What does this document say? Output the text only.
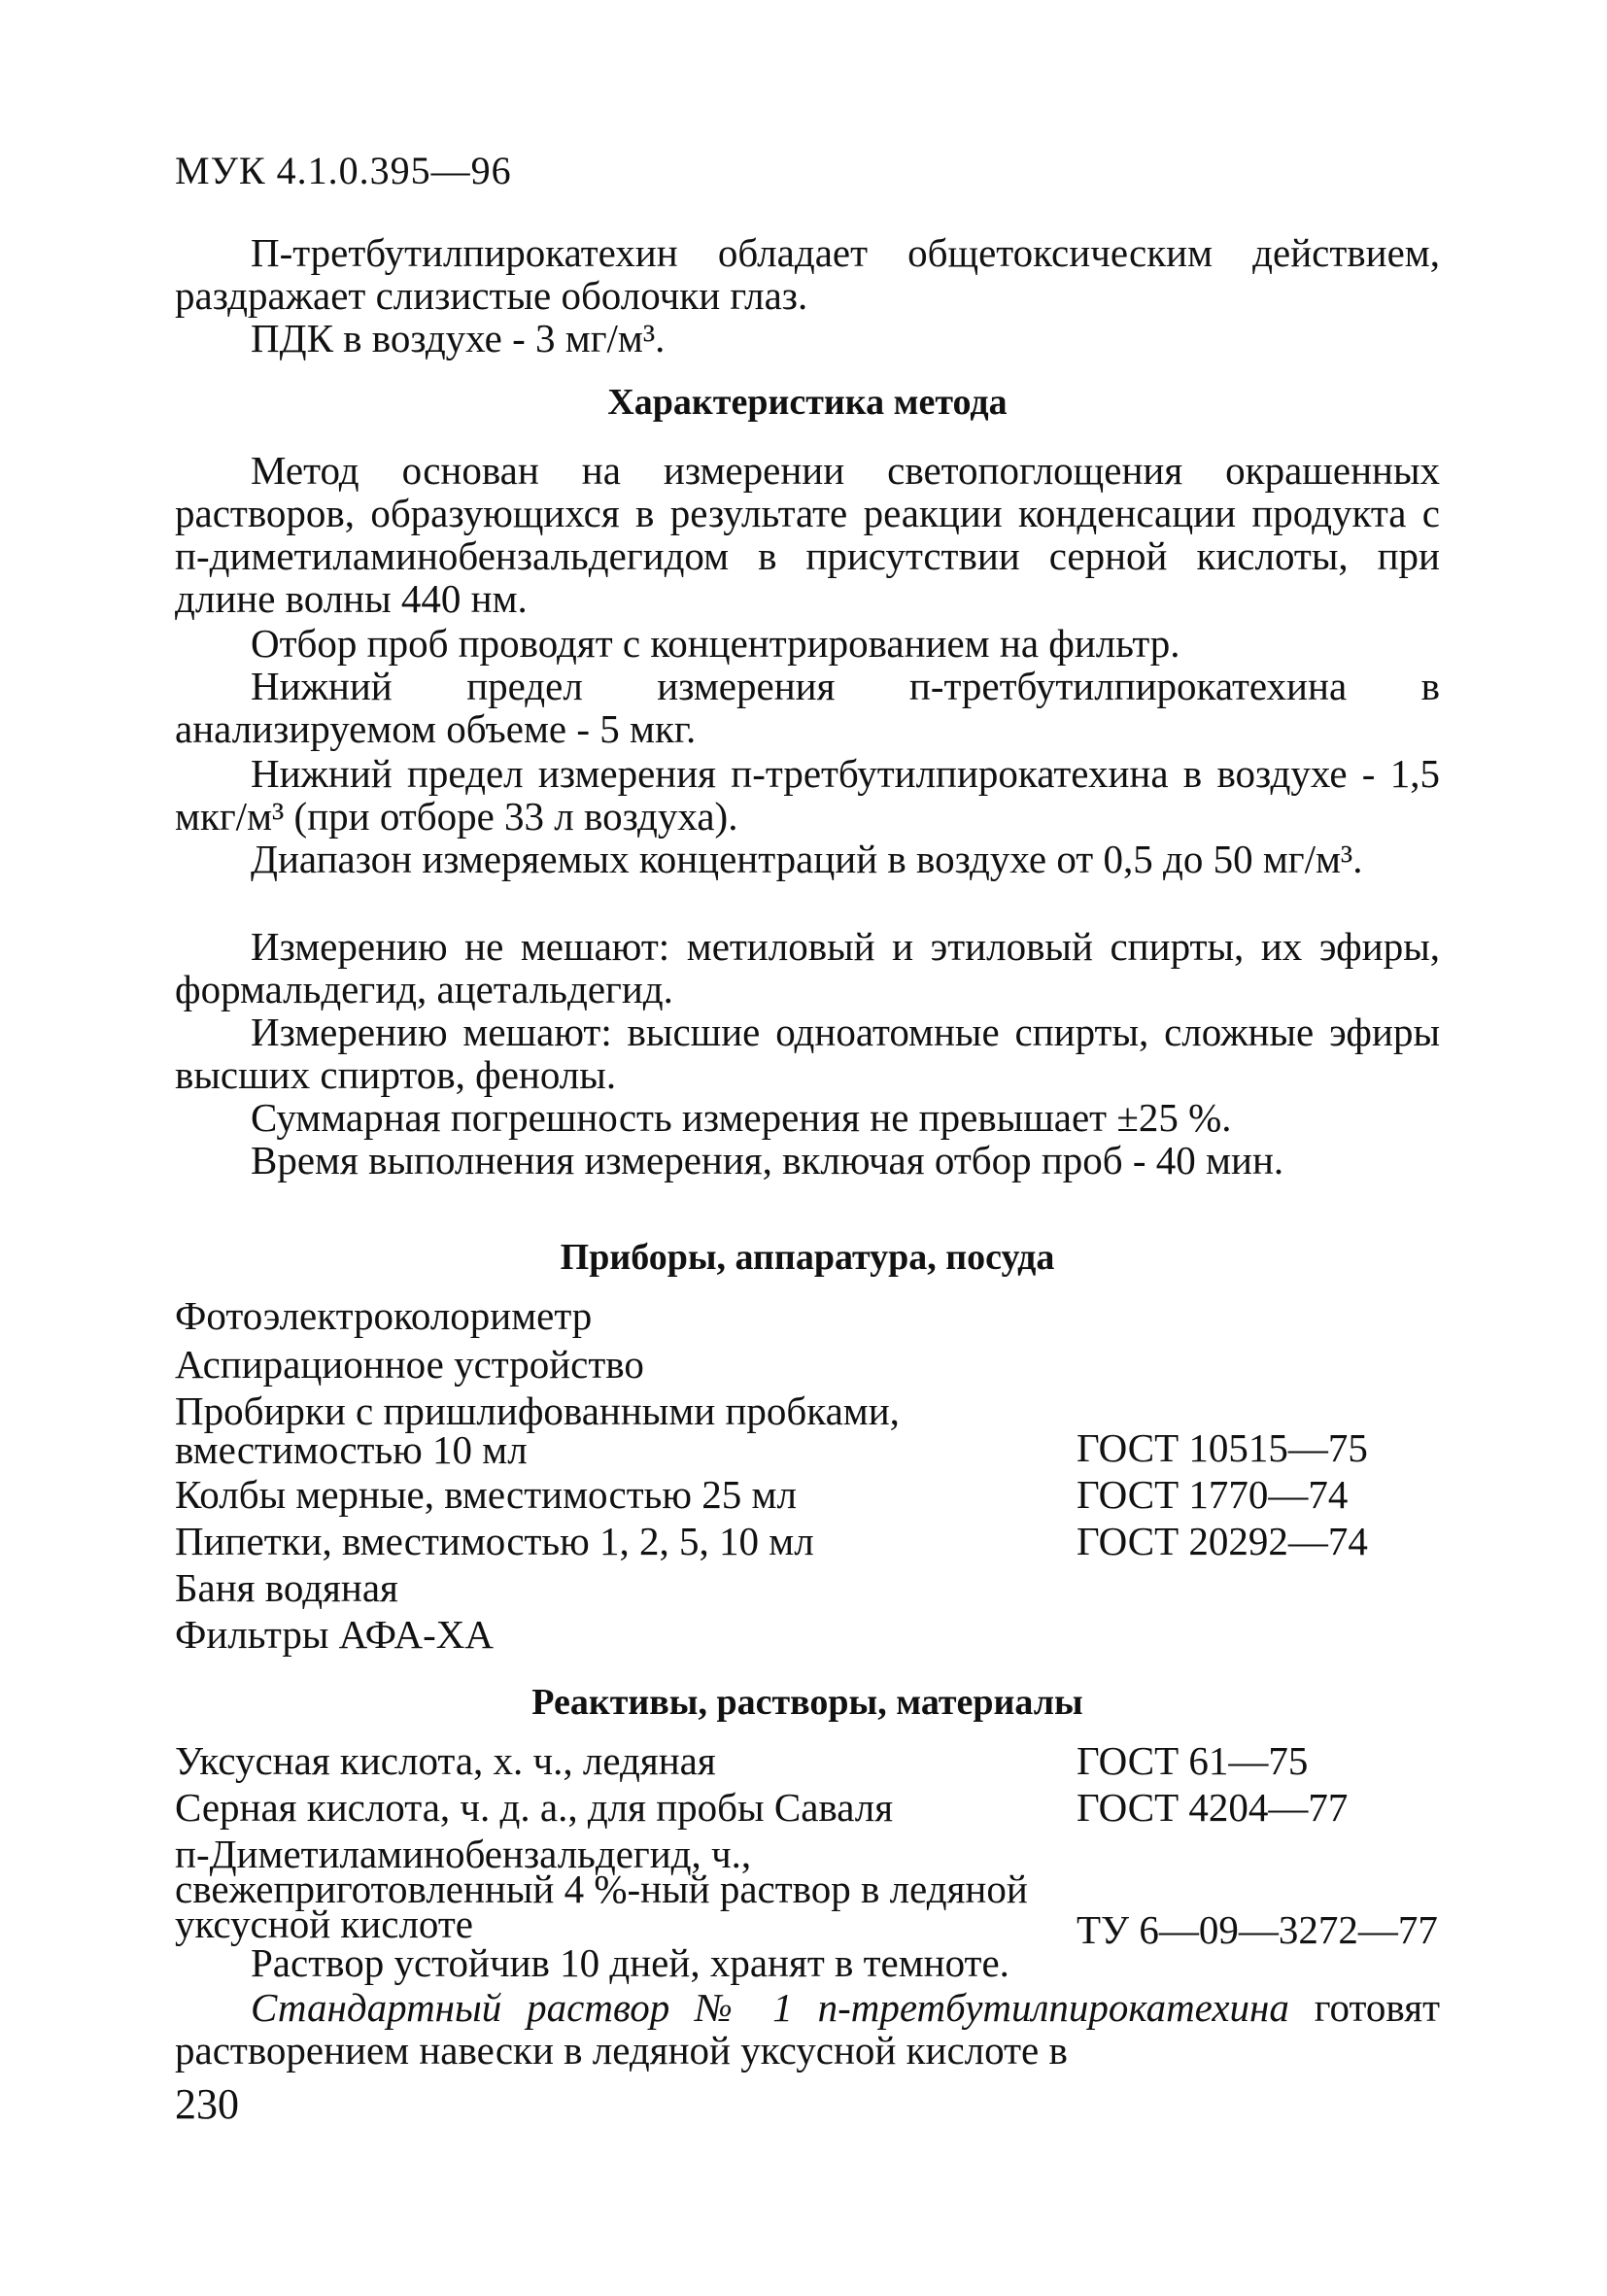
МУК 4.1.0.395—96
П-третбутилпирокатехин обладает общетоксическим действием, раздражает слизистые оболочки глаз.
ПДК в воздухе - 3 мг/м³.
Характеристика метода
Метод основан на измерении светопоглощения окрашенных растворов, образующихся в результате реакции конденсации продукта с п-диметиламинобензальдегидом в присутствии серной кислоты, при длине волны 440 нм.
Отбор проб проводят с концентрированием на фильтр.
Нижний предел измерения п-третбутилпирокатехина в анализируемом объеме - 5 мкг.
Нижний предел измерения п-третбутилпирокатехина в воздухе - 1,5 мкг/м³ (при отборе 33 л воздуха).
Диапазон измеряемых концентраций в воздухе от 0,5 до 50 мг/м³.
Измерению не мешают: метиловый и этиловый спирты, их эфиры, формальдегид, ацетальдегид.
Измерению мешают: высшие одноатомные спирты, сложные эфиры высших спиртов, фенолы.
Суммарная погрешность измерения не превышает ±25 %.
Время выполнения измерения, включая отбор проб - 40 мин.
Приборы, аппаратура, посуда
Фотоэлектроколориметр
Аспирационное устройство
Пробирки с пришлифованными пробками, вместимостью 10 мл	ГОСТ 10515—75
Колбы мерные, вместимостью 25 мл	ГОСТ 1770—74
Пипетки, вместимостью 1, 2, 5, 10 мл	ГОСТ 20292—74
Баня водяная
Фильтры АФА-ХА
Реактивы, растворы, материалы
Уксусная кислота, х. ч., ледяная	ГОСТ 61—75
Серная кислота, ч. д. а., для пробы Саваля	ГОСТ 4204—77
п-Диметиламинобензальдегид, ч., свежеприготовленный 4 %-ный раствор в ледяной уксусной кислоте	ТУ 6—09—3272—77
Раствор устойчив 10 дней, хранят в темноте.
Стандартный раствор № 1 п-третбутилпирокатехина готовят растворением навески в ледяной уксусной кислоте в
230
